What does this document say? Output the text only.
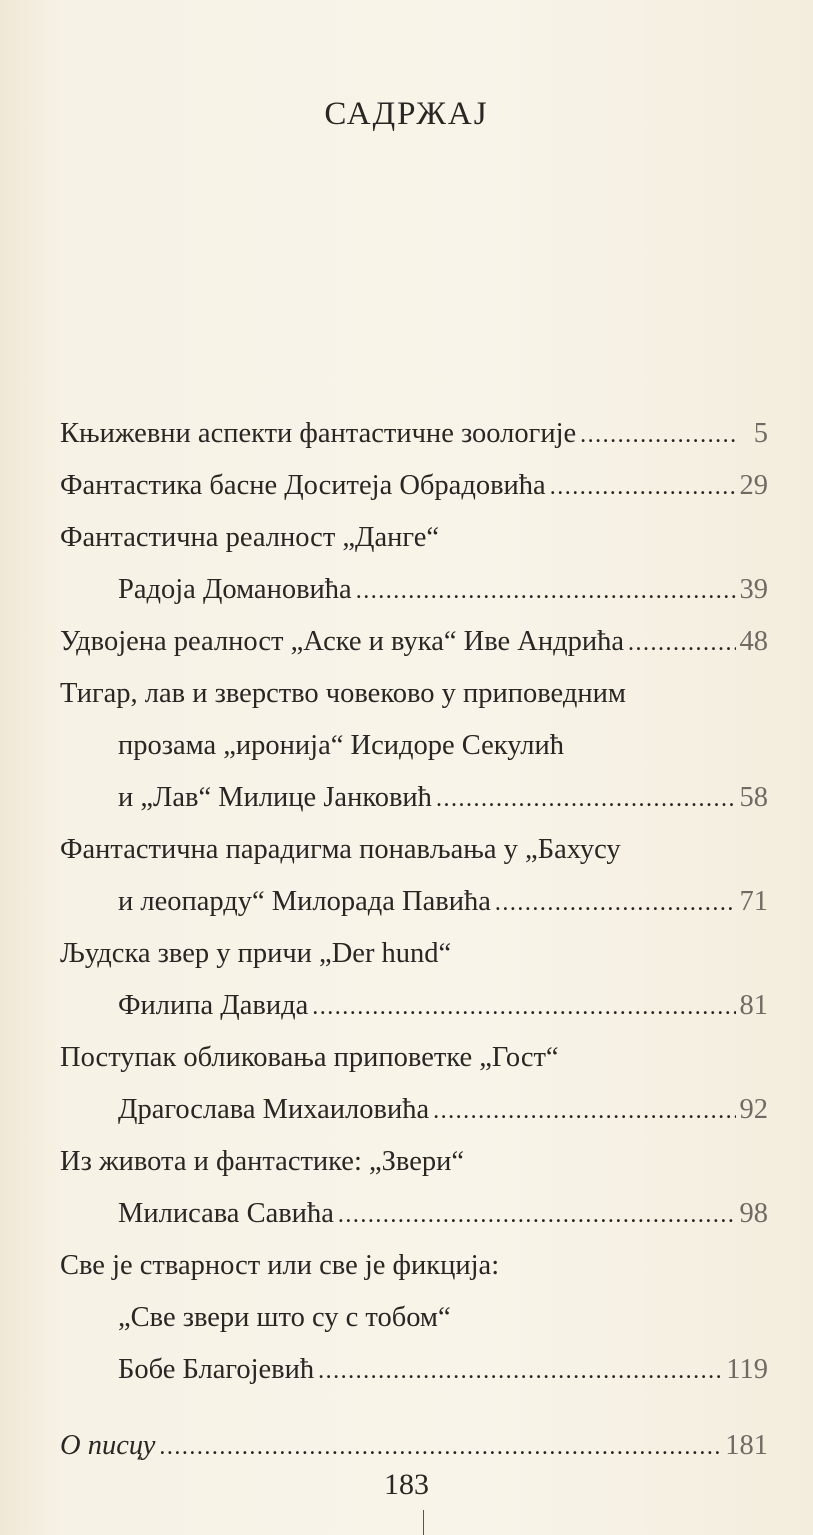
САДРЖАЈ
Књижевни аспекти фантастичне зоологије .....	5
Фантастика басне Доситеја Обрадовића .....	29
Фантастична реалност „Данге“
Радоја Домановића .....	39
Удвојена реалност „Аске и вука“ Иве Андрића .....	48
Тигар, лав и зверство човеково у приповедним
прозама „иронија“ Исидоре Секулић
и „Лав“ Милице Јанковић .....	58
Фантастична парадигма понављања у „Бахусу
и леопарду“ Милорада Павића .....	71
Људска звер у причи „Der hund“
Филипа Давида .....	81
Поступак обликовања приповетке „Гост“
Драгослава Михаиловића .....	92
Из живота и фантастике: „Звери“
Милисава Савића .....	98
Све је стварност или све је фикција:
„Све звери што су с тобом“
Бобе Благојевић .....	119
О писцу .....	181
183
